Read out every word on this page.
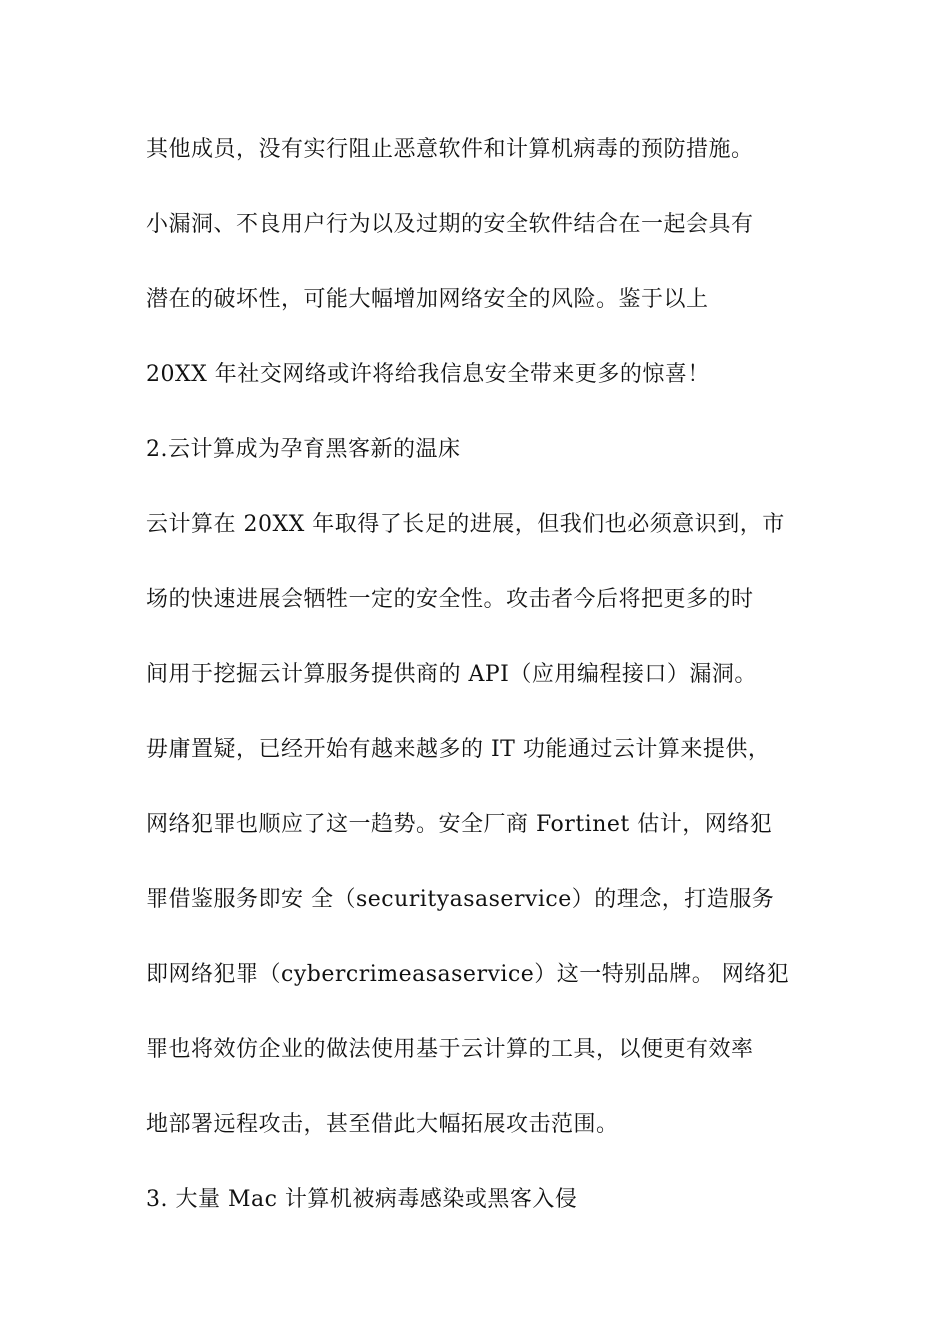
其他成员，没有实行阻止恶意软件和计算机病毒的预防措施。
小漏洞、不良用户行为以及过期的安全软件结合在一起会具有
潜在的破坏性，可能大幅增加网络安全的风险。鉴于以上
20XX 年社交网络或许将给我信息安全带来更多的惊喜！
2.云计算成为孕育黑客新的温床
云计算在 20XX 年取得了长足的进展，但我们也必须意识到，市
场的快速进展会牺牲一定的安全性。攻击者今后将把更多的时
间用于挖掘云计算服务提供商的 API（应用编程接口）漏洞。
毋庸置疑，已经开始有越来越多的 IT 功能通过云计算来提供，
网络犯罪也顺应了这一趋势。安全厂商 Fortinet 估计，网络犯
罪借鉴服务即安 全（securityasaservice）的理念，打造服务
即网络犯罪（cybercrimeasaservice）这一特别品牌。 网络犯
罪也将效仿企业的做法使用基于云计算的工具，以便更有效率
地部署远程攻击，甚至借此大幅拓展攻击范围。
3. 大量 Mac 计算机被病毒感染或黑客入侵
